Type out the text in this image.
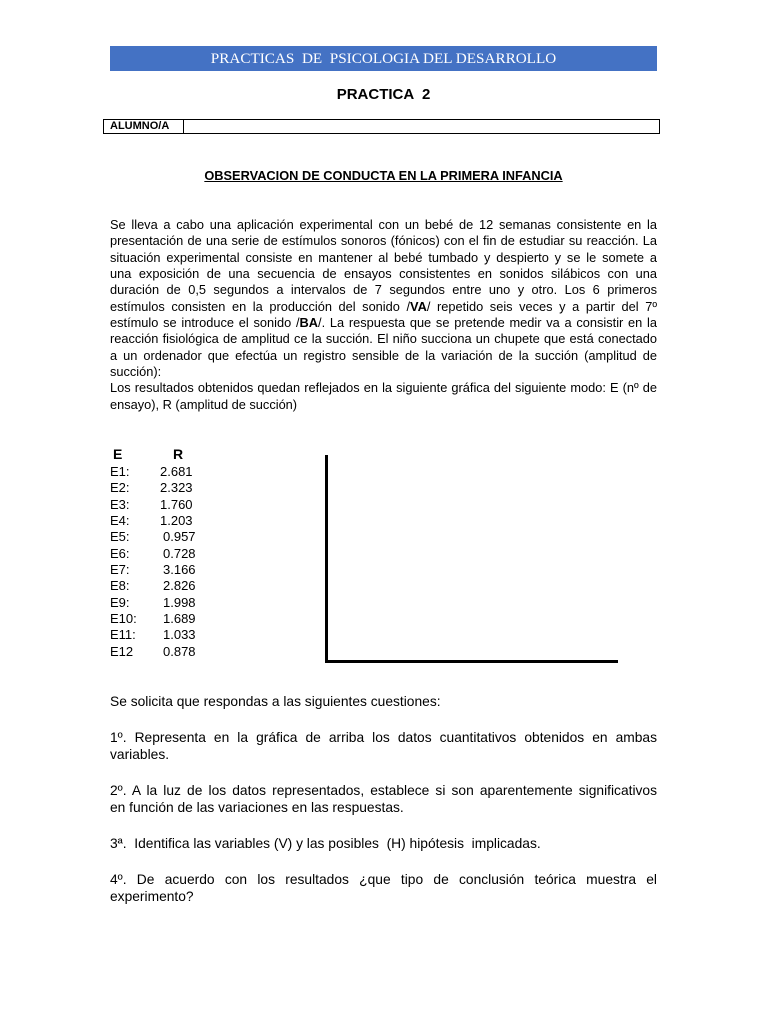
PRACTICAS  DE  PSICOLOGIA DEL DESARROLLO
PRACTICA  2
ALUMNO/A
OBSERVACION DE CONDUCTA EN LA PRIMERA INFANCIA
Se lleva a cabo una aplicación experimental con un bebé de 12 semanas consistente en la
presentación de una serie de estímulos sonoros (fónicos) con el fin de estudiar su reacción. La
situación experimental consiste en mantener al bebé tumbado y despierto y se le somete a
una exposición de una secuencia de ensayos consistentes en sonidos silábicos con una
duración de 0,5 segundos a intervalos de 7 segundos entre uno y otro. Los 6 primeros
estímulos consisten en la producción del sonido /VA/ repetido seis veces y a partir del 7º
estímulo se introduce el sonido /BA/. La respuesta que se pretende medir va a consistir en la
reacción fisiológica de amplitud ce la succión. El niño succiona un chupete que está conectado
a un ordenador que efectúa un registro sensible de la variación de la succión (amplitud de
succión):
Los resultados obtenidos quedan reflejados en la siguiente gráfica del siguiente modo: E (nº de
ensayo), R (amplitud de succión)
E	R
E1: 2.681
E2: 2.323
E3: 1.760
E4: 1.203
E5:	0.957
E6:	0.728
E7:	3.166
E8:	2.826
E9:	1.998
E10: 1.689
E11: 1.033
E12 0.878
Se solicita que respondas a las siguientes cuestiones:
1º. Representa en la gráfica de arriba los datos cuantitativos obtenidos en ambas
variables.
2º. A la luz de los datos representados, establece si son aparentemente significativos
en función de las variaciones en las respuestas.
3ª.  Identifica las variables (V) y las posibles  (H) hipótesis  implicadas.
4º. De acuerdo con los resultados ¿que tipo de conclusión teórica muestra el
experimento?
